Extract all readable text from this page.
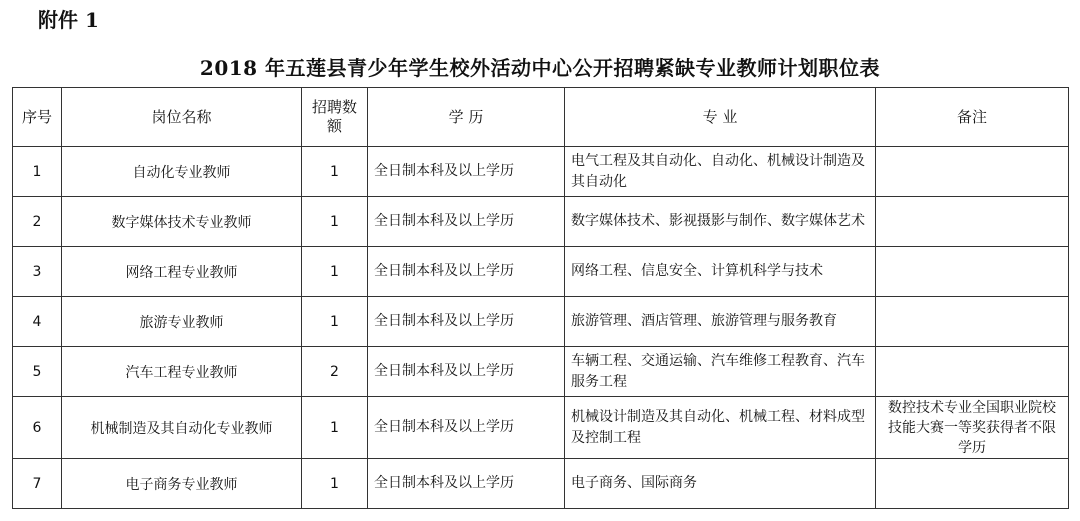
附件 1
2018 年五莲县青少年学生校外活动中心公开招聘紧缺专业教师计划职位表
序号	岗位名称	招聘数额	学 历	专 业	备注
1	自动化专业教师	1	全日制本科及以上学历	电气工程及其自动化、自动化、机械设计制造及其自动化	
2	数字媒体技术专业教师	1	全日制本科及以上学历	数字媒体技术、影视摄影与制作、数字媒体艺术	
3	网络工程专业教师	1	全日制本科及以上学历	网络工程、信息安全、计算机科学与技术	
4	旅游专业教师	1	全日制本科及以上学历	旅游管理、酒店管理、旅游管理与服务教育	
5	汽车工程专业教师	2	全日制本科及以上学历	车辆工程、交通运输、汽车维修工程教育、汽车服务工程	
6	机械制造及其自动化专业教师	1	全日制本科及以上学历	机械设计制造及其自动化、机械工程、材料成型及控制工程	数控技术专业全国职业院校技能大赛一等奖获得者不限学历
7	电子商务专业教师	1	全日制本科及以上学历	电子商务、国际商务	
